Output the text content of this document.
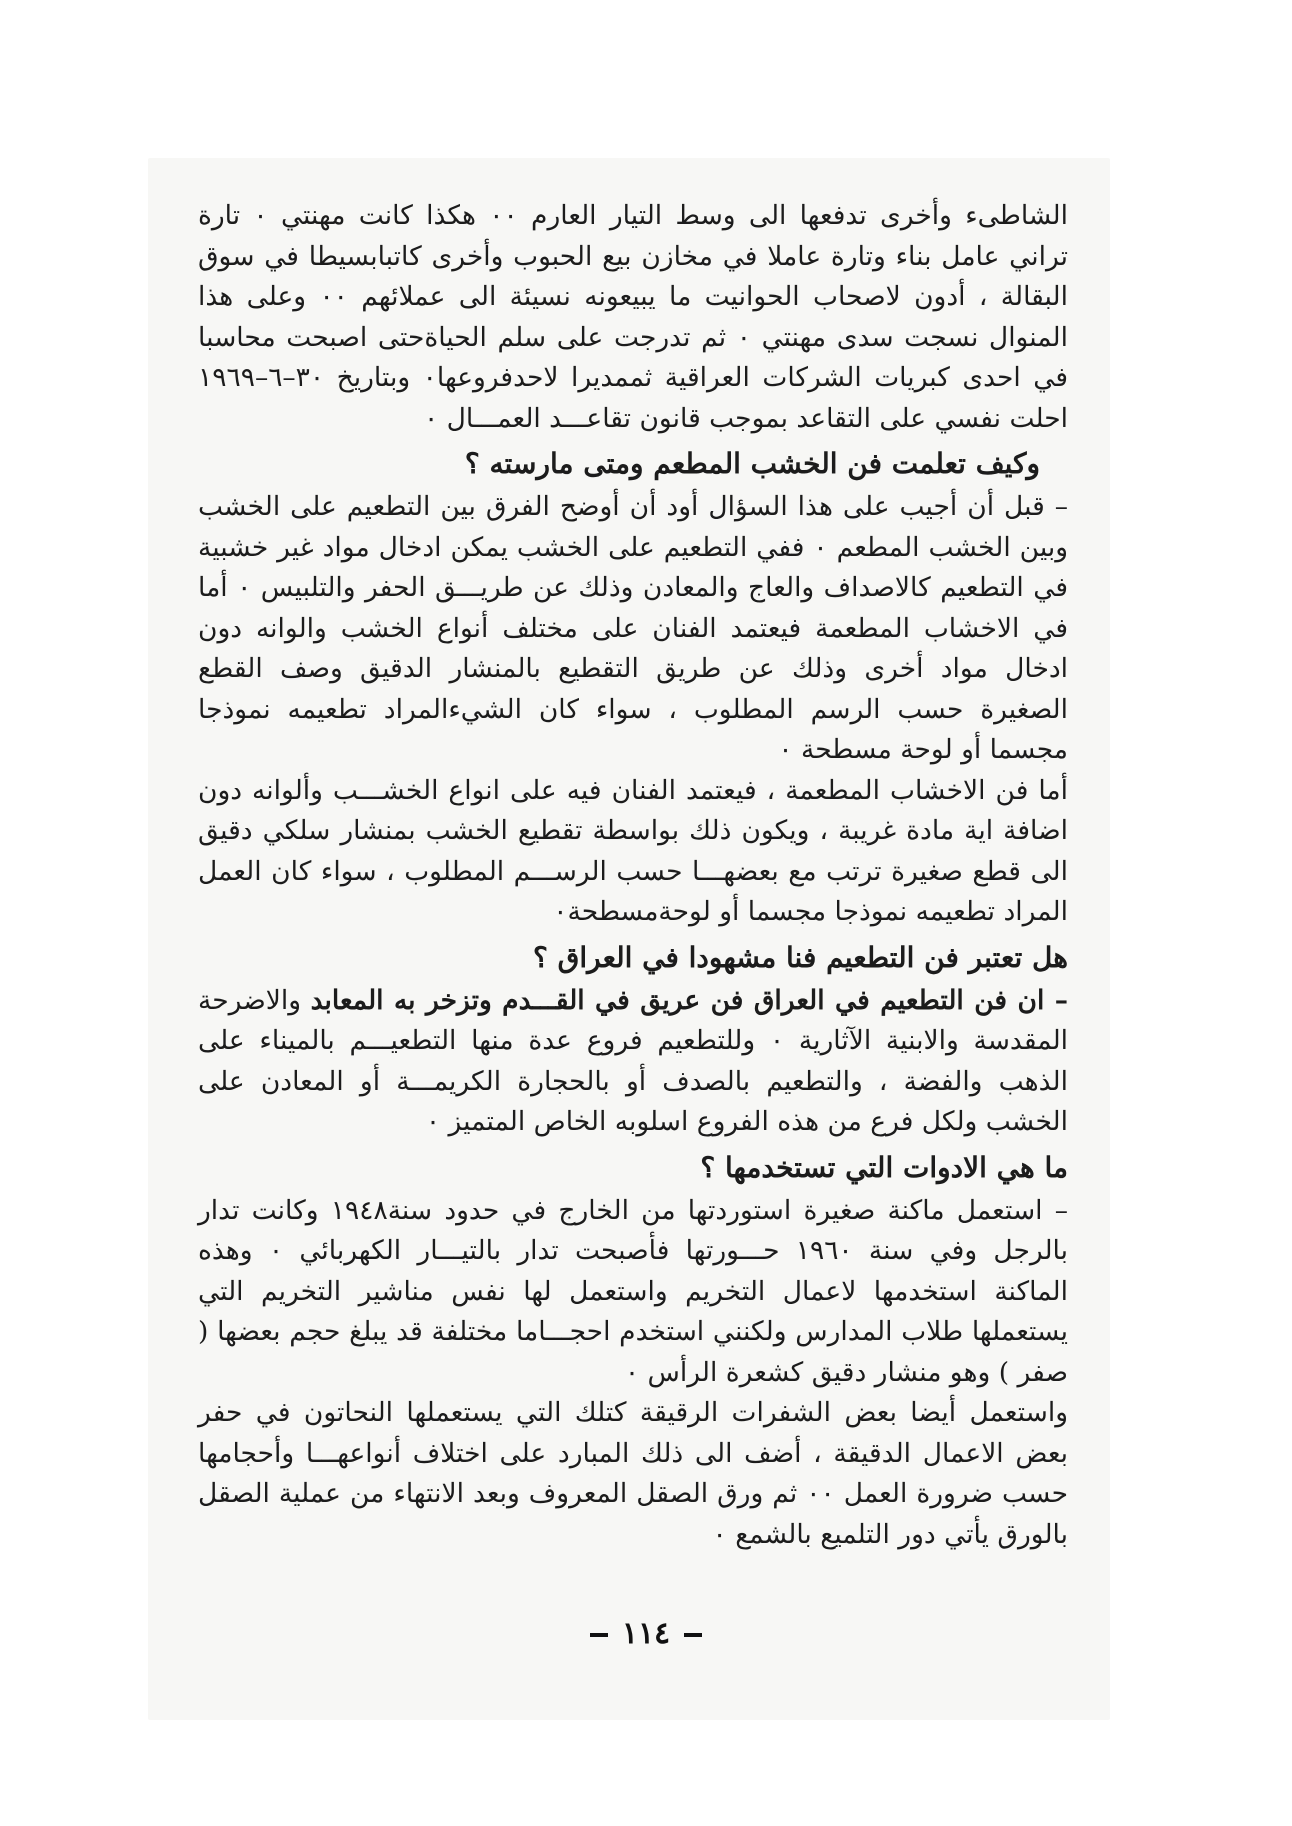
الشاطىء وأخرى تدفعها الى وسط التيار العارم ٠٠ هكذا كانت مهنتي ٠ تارة تراني عامل بناء وتارة عاملا في مخازن بيع الحبوب وأخرى كاتبابسيطا في سوق البقالة ، أدون لاصحاب الحوانيت ما يبيعونه نسيئة الى عملائهم ٠٠ وعلى هذا المنوال نسجت سدى مهنتي ٠ ثم تدرجت على سلم الحياةحتى اصبحت محاسبا في احدى كبريات الشركات العراقية ثممديرا لاحدفروعها٠ وبتاريخ ٣٠–٦–١٩٦٩ احلت نفسي على التقاعد بموجب قانون تقاعـــد العمـــال ٠

وكيف تعلمت فن الخشب المطعم ومتى مارسته ؟

– قبل أن أجيب على هذا السؤال أود أن أوضح الفرق بين التطعيم على الخشب وبين الخشب المطعم ٠ ففي التطعيم على الخشب يمكن ادخال مواد غير خشبية في التطعيم كالاصداف والعاج والمعادن وذلك عن طريـــق الحفر والتلبيس ٠ أما في الاخشاب المطعمة فيعتمد الفنان على مختلف أنواع الخشب والوانه دون ادخال مواد أخرى وذلك عن طريق التقطيع بالمنشار الدقيق وصف القطع الصغيرة حسب الرسم المطلوب ، سواء كان الشيءالمراد تطعيمه نموذجا مجسما أو لوحة مسطحة ٠

أما فن الاخشاب المطعمة ، فيعتمد الفنان فيه على انواع الخشـــب وألوانه دون اضافة اية مادة غريبة ، ويكون ذلك بواسطة تقطيع الخشب بمنشار سلكي دقيق الى قطع صغيرة ترتب مع بعضهـــا حسب الرســـم المطلوب ، سواء كان العمل المراد تطعيمه نموذجا مجسما أو لوحةمسطحة٠

هل تعتبر فن التطعيم فنا مشهودا في العراق ؟

– ان فن التطعيم في العراق فن عريق في القـــدم وتزخر به المعابد والاضرحة المقدسة والابنية الآثارية ٠ وللتطعيم فروع عدة منها التطعيـــم بالميناء على الذهب والفضة ، والتطعيم بالصدف أو بالحجارة الكريمـــة أو المعادن على الخشب ولكل فرع من هذه الفروع اسلوبه الخاص المتميز ٠

ما هي الادوات التي تستخدمها ؟

– استعمل ماكنة صغيرة استوردتها من الخارج في حدود سنة١٩٤٨ وكانت تدار بالرجل وفي سنة ١٩٦٠ حـــورتها فأصبحت تدار بالتيـــار الكهربائي ٠ وهذه الماكنة استخدمها لاعمال التخريم واستعمل لها نفس مناشير التخريم التي يستعملها طلاب المدارس ولكنني استخدم احجـــاما مختلفة قد يبلغ حجم بعضها ( صفر ) وهو منشار دقيق كشعرة الرأس ٠

واستعمل أيضا بعض الشفرات الرقيقة كتلك التي يستعملها النحاتون في حفر بعض الاعمال الدقيقة ، أضف الى ذلك المبارد على اختلاف أنواعهـــا وأحجامها حسب ضرورة العمل ٠٠ ثم ورق الصقل المعروف وبعد الانتهاء من عملية الصقل بالورق يأتي دور التلميع بالشمع ٠

١١٤
